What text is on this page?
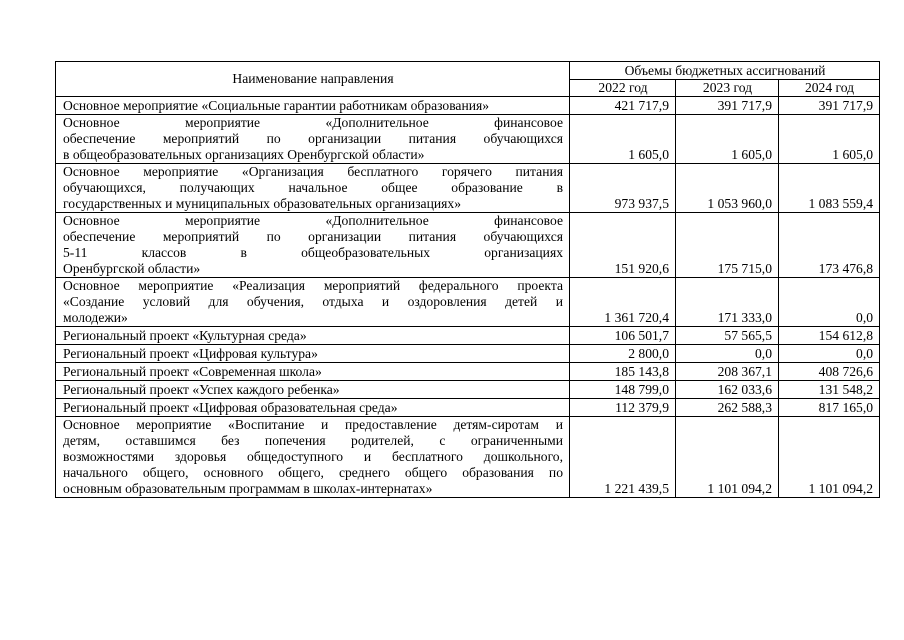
Наименование направления	Объемы бюджетных ассигнований		
	2022 год	2023 год	2024 год

Основное мероприятие «Социальные гарантии работникам образования»	421 717,9	391 717,9	391 717,9

Основное мероприятие «Дополнительное финансовое
обеспечение мероприятий по организации питания обучающихся
в общеобразовательных организациях Оренбургской области»	1 605,0	1 605,0	1 605,0

Основное мероприятие «Организация бесплатного горячего питания
обучающихся, получающих начальное общее образование в
государственных и муниципальных образовательных организациях»	973 937,5	1 053 960,0	1 083 559,4

Основное мероприятие «Дополнительное финансовое
обеспечение мероприятий по организации питания обучающихся
5-11 классов в общеобразовательных организациях
Оренбургской области»	151 920,6	175 715,0	173 476,8

Основное мероприятие «Реализация мероприятий федерального проекта
«Создание условий для обучения, отдыха и оздоровления детей и
молодежи»	1 361 720,4	171 333,0	0,0

Региональный проект «Культурная среда»	106 501,7	57 565,5	154 612,8

Региональный проект «Цифровая культура»	2 800,0	0,0	0,0

Региональный проект «Современная школа»	185 143,8	208 367,1	408 726,6

Региональный проект «Успех каждого ребенка»	148 799,0	162 033,6	131 548,2

Региональный проект «Цифровая образовательная среда»	112 379,9	262 588,3	817 165,0

Основное мероприятие «Воспитание и предоставление детям-сиротам и
детям, оставшимся без попечения родителей, с ограниченными
возможностями здоровья общедоступного и бесплатного дошкольного,
начального общего, основного общего, среднего общего образования по
основным образовательным программам в школах-интернатах»	1 221 439,5	1 101 094,2	1 101 094,2
